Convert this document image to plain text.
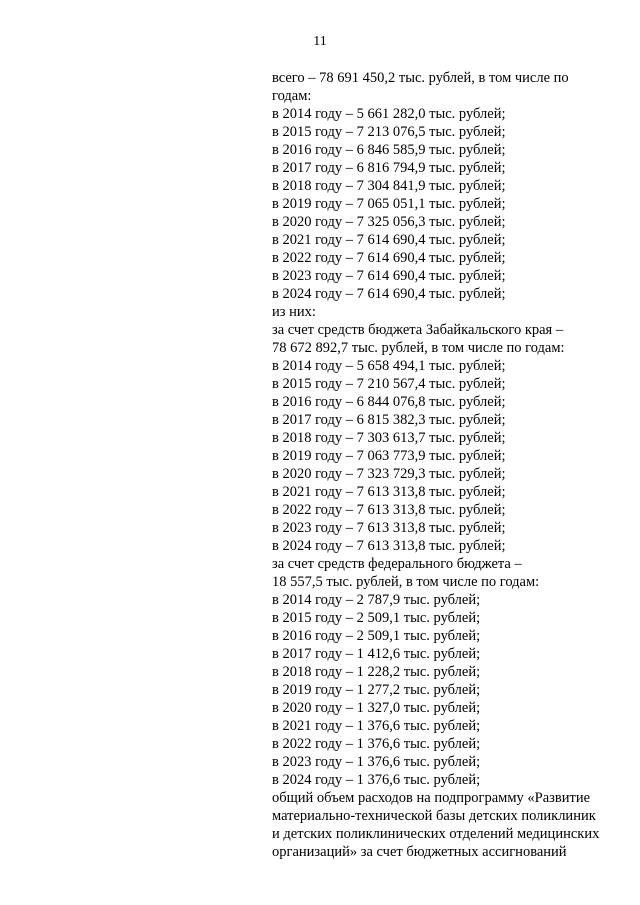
11
всего – 78 691 450,2 тыс. рублей, в том числе по
годам:
в 2014 году – 5 661 282,0 тыс. рублей;
в 2015 году – 7 213 076,5 тыс. рублей;
в 2016 году – 6 846 585,9 тыс. рублей;
в 2017 году – 6 816 794,9 тыс. рублей;
в 2018 году – 7 304 841,9 тыс. рублей;
в 2019 году – 7 065 051,1 тыс. рублей;
в 2020 году – 7 325 056,3 тыс. рублей;
в 2021 году – 7 614 690,4 тыс. рублей;
в 2022 году – 7 614 690,4 тыс. рублей;
в 2023 году – 7 614 690,4 тыс. рублей;
в 2024 году – 7 614 690,4 тыс. рублей;
из них:
за счет средств бюджета Забайкальского края –
78 672 892,7 тыс. рублей, в том числе по годам:
в 2014 году – 5 658 494,1 тыс. рублей;
в 2015 году – 7 210 567,4 тыс. рублей;
в 2016 году – 6 844 076,8 тыс. рублей;
в 2017 году – 6 815 382,3 тыс. рублей;
в 2018 году – 7 303 613,7 тыс. рублей;
в 2019 году – 7 063 773,9 тыс. рублей;
в 2020 году – 7 323 729,3 тыс. рублей;
в 2021 году – 7 613 313,8 тыс. рублей;
в 2022 году – 7 613 313,8 тыс. рублей;
в 2023 году – 7 613 313,8 тыс. рублей;
в 2024 году – 7 613 313,8 тыс. рублей;
за счет средств федерального бюджета –
18 557,5 тыс. рублей, в том числе по годам:
в 2014 году – 2 787,9 тыс. рублей;
в 2015 году – 2 509,1 тыс. рублей;
в 2016 году – 2 509,1 тыс. рублей;
в 2017 году – 1 412,6 тыс. рублей;
в 2018 году – 1 228,2 тыс. рублей;
в 2019 году – 1 277,2 тыс. рублей;
в 2020 году – 1 327,0 тыс. рублей;
в 2021 году – 1 376,6 тыс. рублей;
в 2022 году – 1 376,6 тыс. рублей;
в 2023 году – 1 376,6 тыс. рублей;
в 2024 году – 1 376,6 тыс. рублей;
общий объем расходов на подпрограмму «Развитие
материально-технической базы детских поликлиник
и детских поликлинических отделений медицинских
организаций» за счет бюджетных ассигнований
